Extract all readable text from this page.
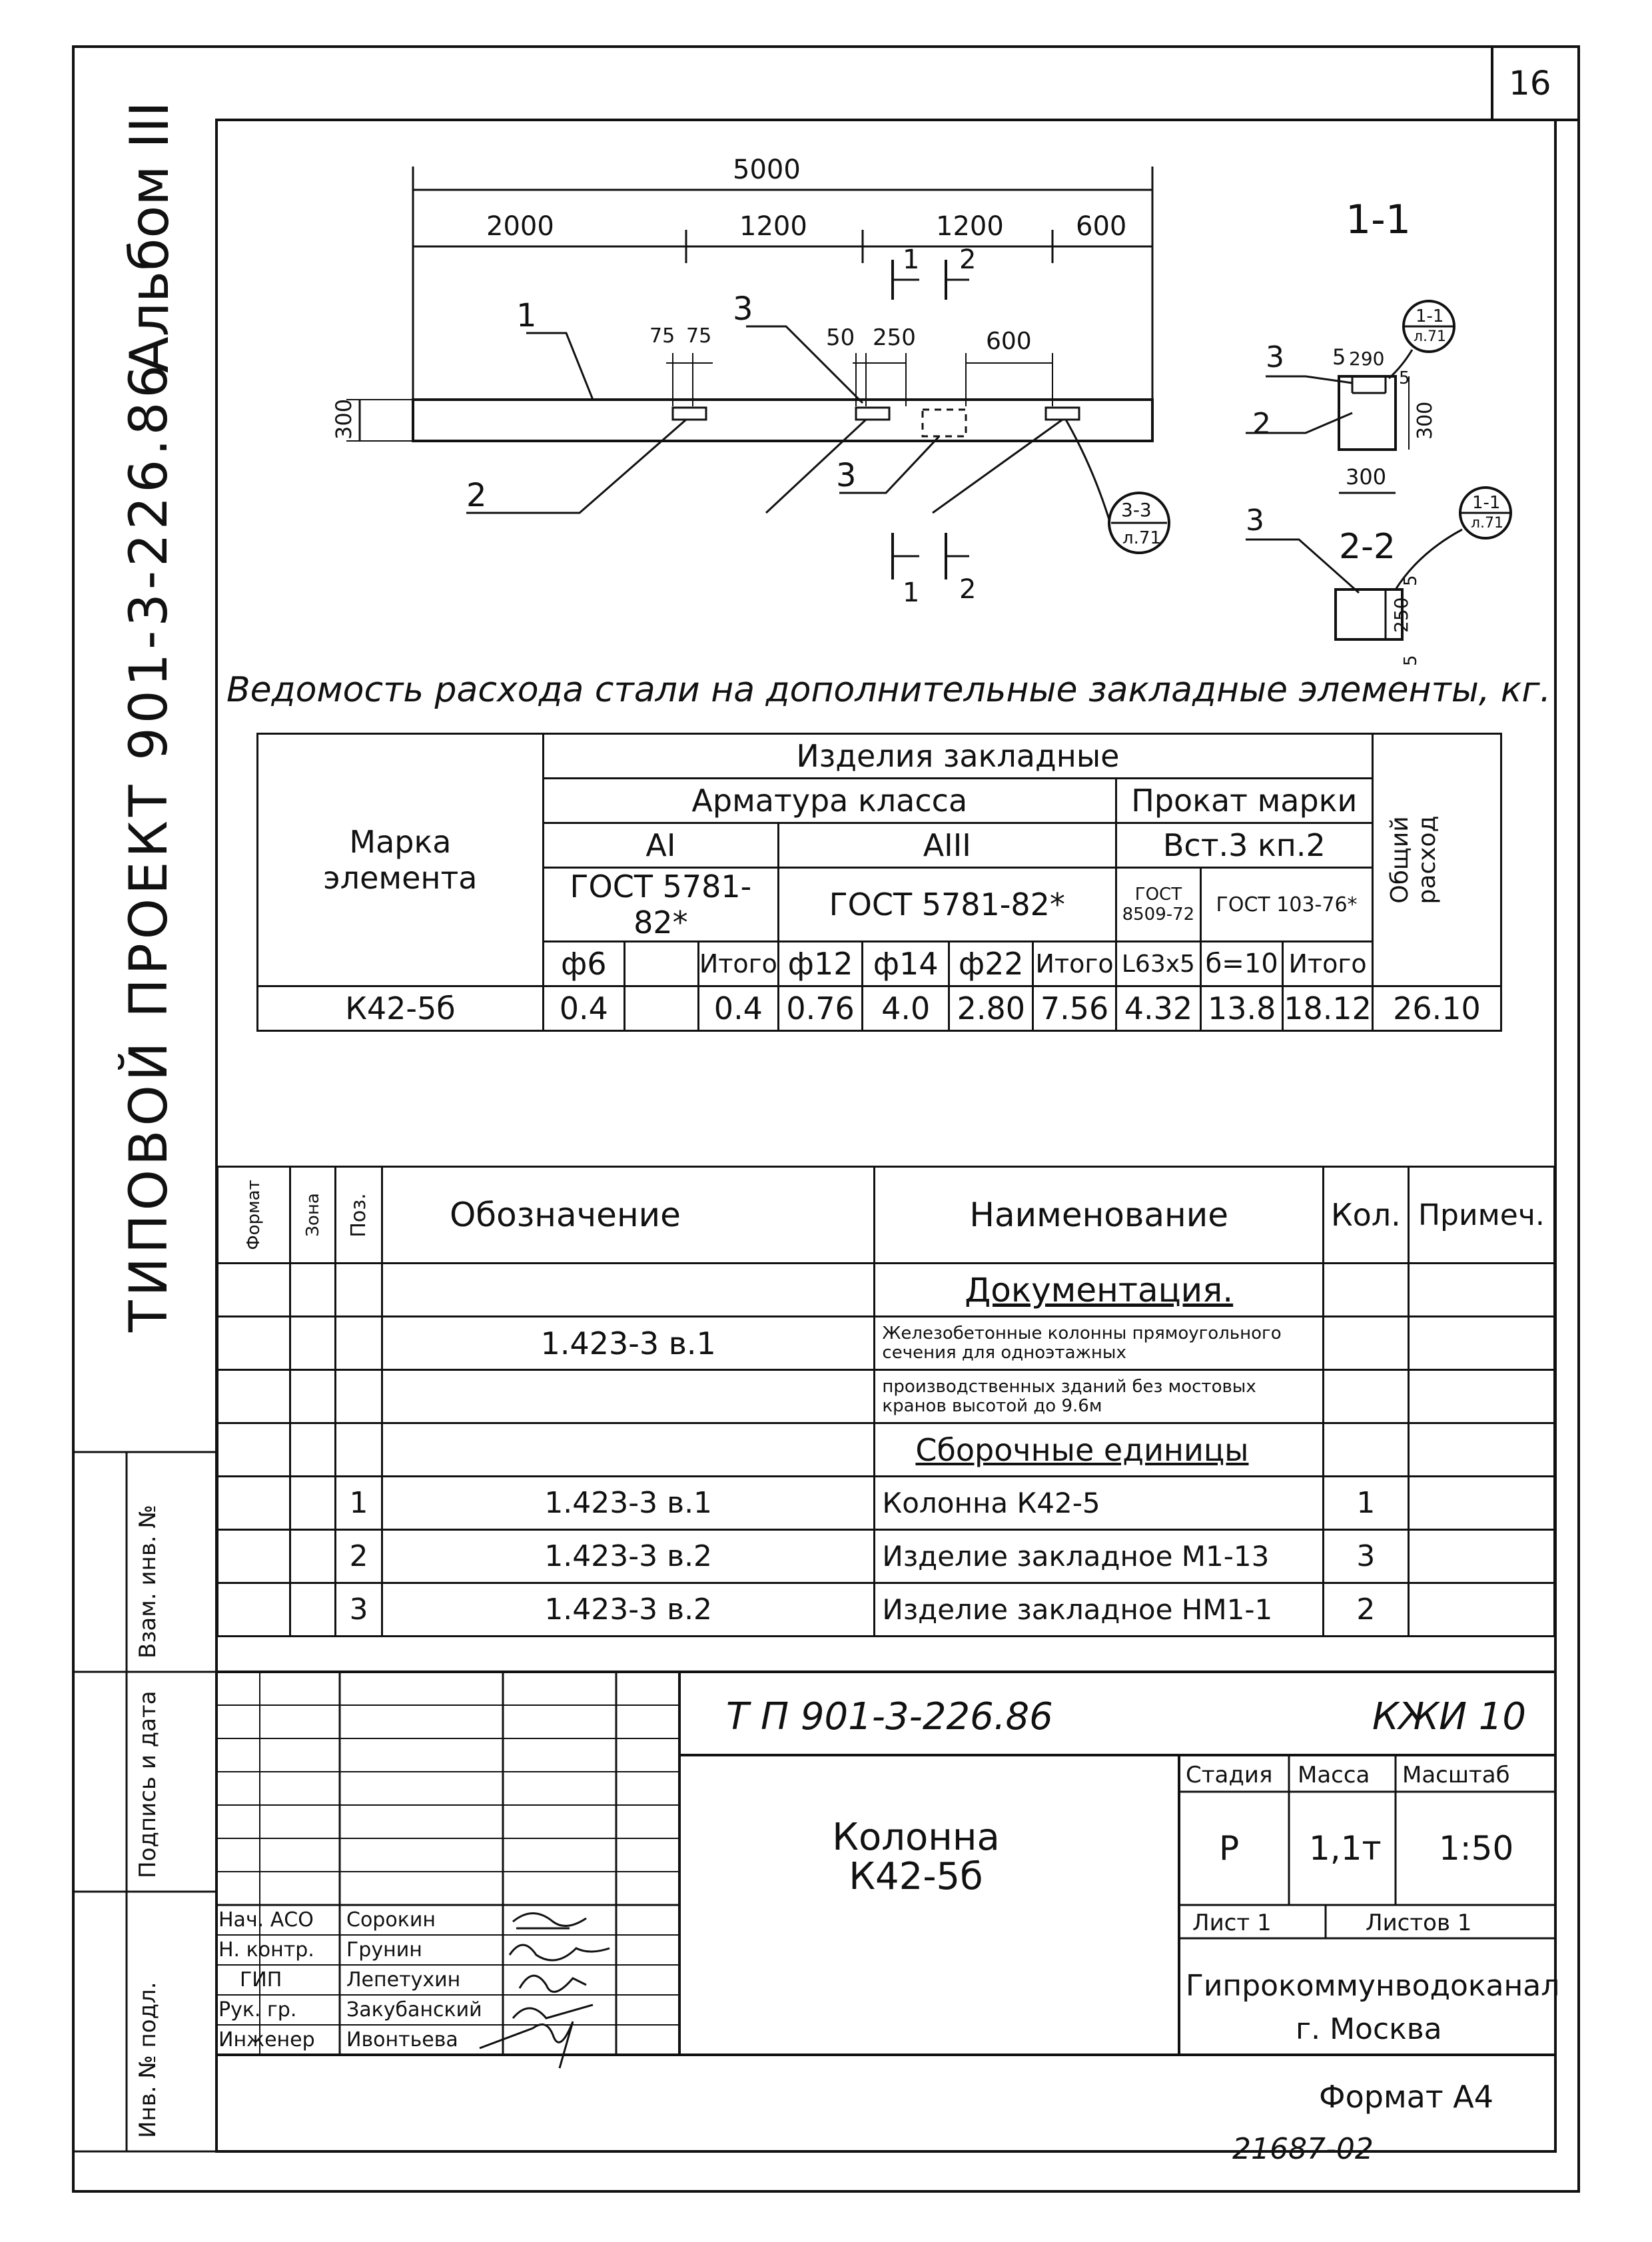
16
Альбом III
ТИПОВОЙ ПРОЕКТ 901-3-226.86
Взам. инв. №
Подпись и дата
Инв. № подл.
5000
2000	1200	1200	600
1 2
1 2
75 75	50 250	600
300
1
2
3
3
3-3
л.71
1-1
3
2
5 290
5
300
300
1-1
л.71
2-2
3
5
250
5
1-1
л.71
Ведомость расхода стали на дополнительные закладные элементы, кг.
Марка элемента	Изделия закладные										Общий расход

	Арматура класса							Прокат марки			
	АI			АIII				Вст.3 кп.2			
	ГОСТ 5781-82*			ГОСТ 5781-82*				ГОСТ 8509-72	ГОСТ 103-76*		
	ф6		Итого	ф12	ф14	ф22	Итого	L63x5	б=10	Итого	
К42-5б	0.4		0.4	0.76	4.0	2.80	7.56	4.32	13.8	18.12	26.10
Формат	Зона	Поз.	Обозначение	Наименование	Кол.	Примеч.
				Документация.		
			1.423-3 в.1	Железобетонные колонны прямоугольного сечения для одноэтажных		
				производственных зданий без мостовых кранов высотой до 9.6м		
				Сборочные единицы		
		1	1.423-3 в.1	Колонна К42-5	1	
		2	1.423-3 в.2	Изделие закладное М1-13	3	
		3	1.423-3 в.2	Изделие закладное НМ1-1	2	
Т П 901-3-226.86	КЖИ 10
Колонна К42-5б
Стадия Масса Масштаб
Р 1,1т 1:50
Лист 1	Листов 1
Гипрокоммунводоканал
г. Москва
Нач. АСО Сорокин
Н. контр. Грунин
ГИП	Лепетухин
Рук. гр. Закубанский
Инженер Ивонтьева
Формат А4
21687-02
